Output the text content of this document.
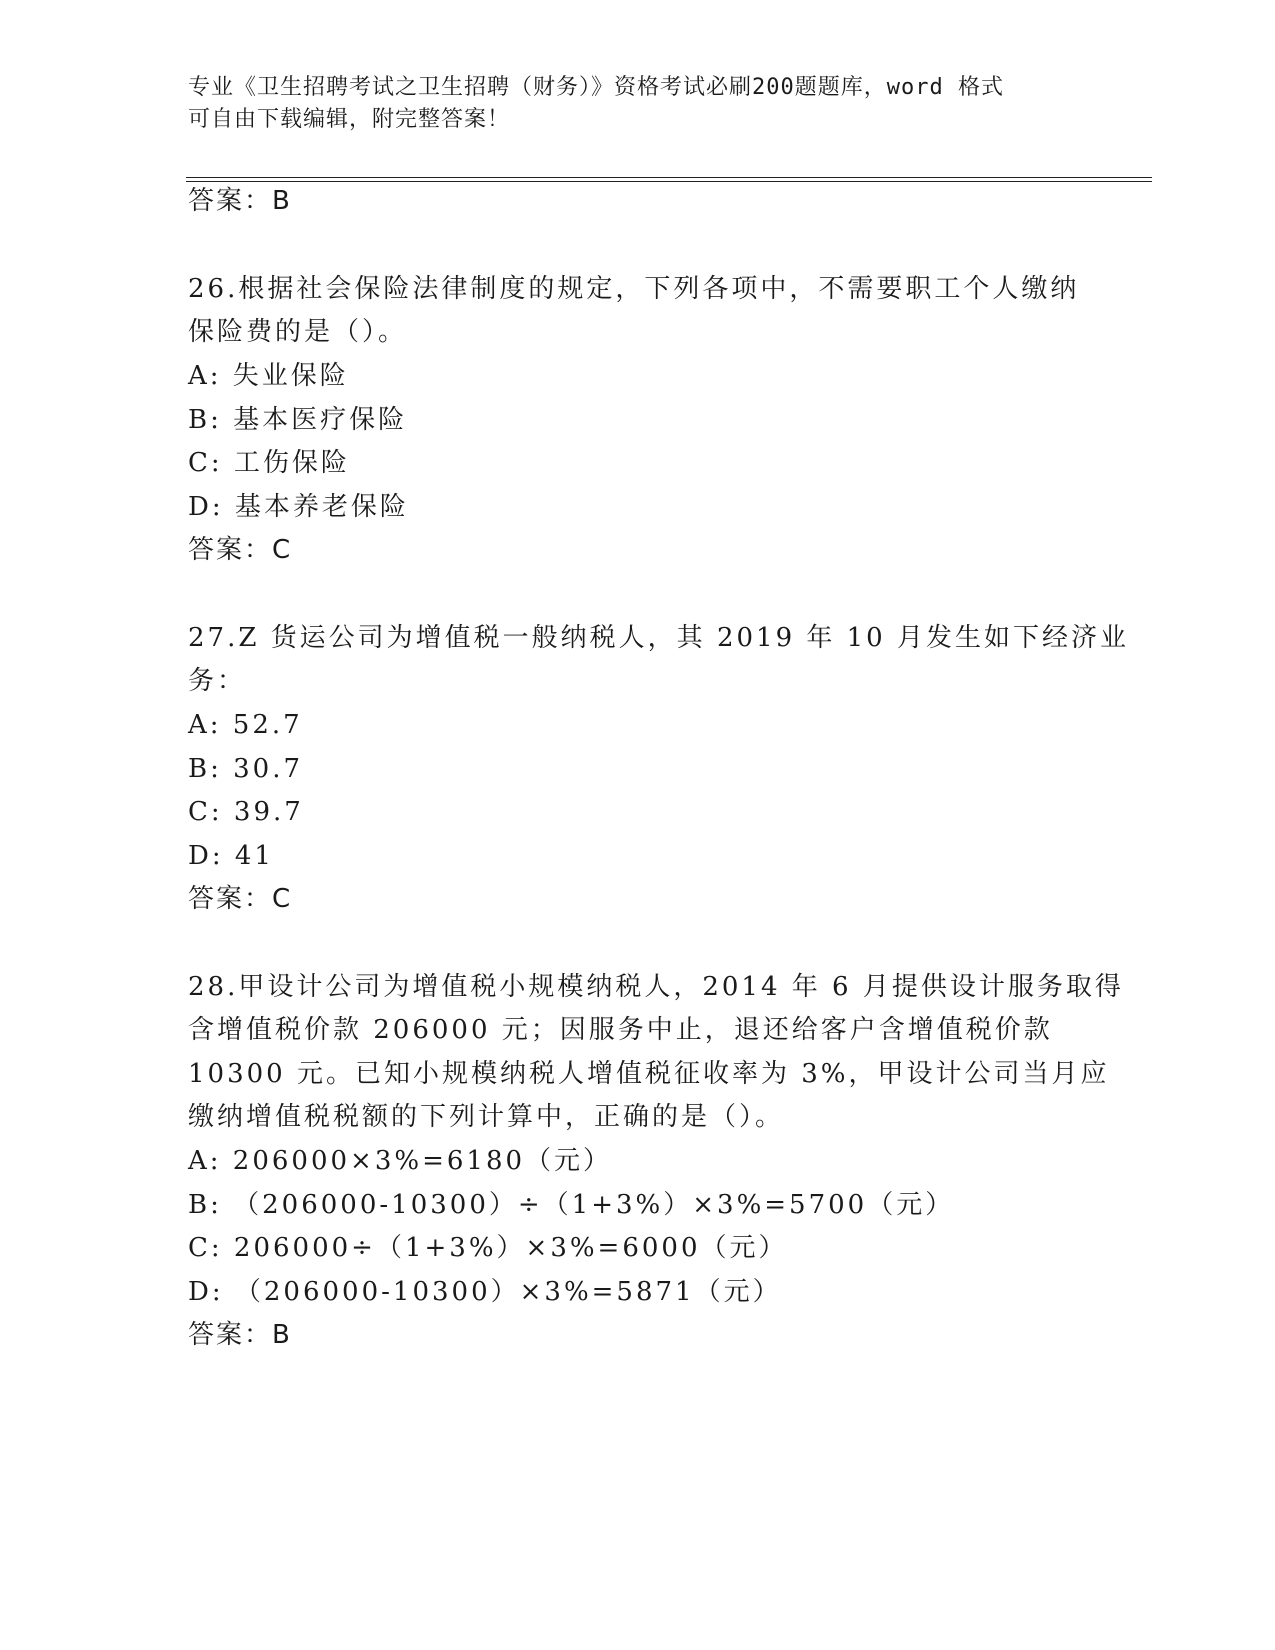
专业《卫生招聘考试之卫生招聘（财务）》资格考试必刷200题题库，word 格式
可自由下载编辑，附完整答案！
答案：B
26.根据社会保险法律制度的规定，下列各项中，不需要职工个人缴纳
保险费的是（）。
A: 失业保险
B: 基本医疗保险
C: 工伤保险
D: 基本养老保险
答案：C
27.Z 货运公司为增值税一般纳税人，其 2019 年 10 月发生如下经济业
务：
A: 52.7
B: 30.7
C: 39.7
D: 41
答案：C
28.甲设计公司为增值税小规模纳税人，2014 年 6 月提供设计服务取得
含增值税价款 206000 元；因服务中止，退还给客户含增值税价款
10300 元。已知小规模纳税人增值税征收率为 3%，甲设计公司当月应
缴纳增值税税额的下列计算中，正确的是（）。
A: 206000×3%=6180（元）
B: （206000-10300）÷（1+3%）×3%=5700（元）
C: 206000÷（1+3%）×3%=6000（元）
D: （206000-10300）×3%=5871（元）
答案：B
